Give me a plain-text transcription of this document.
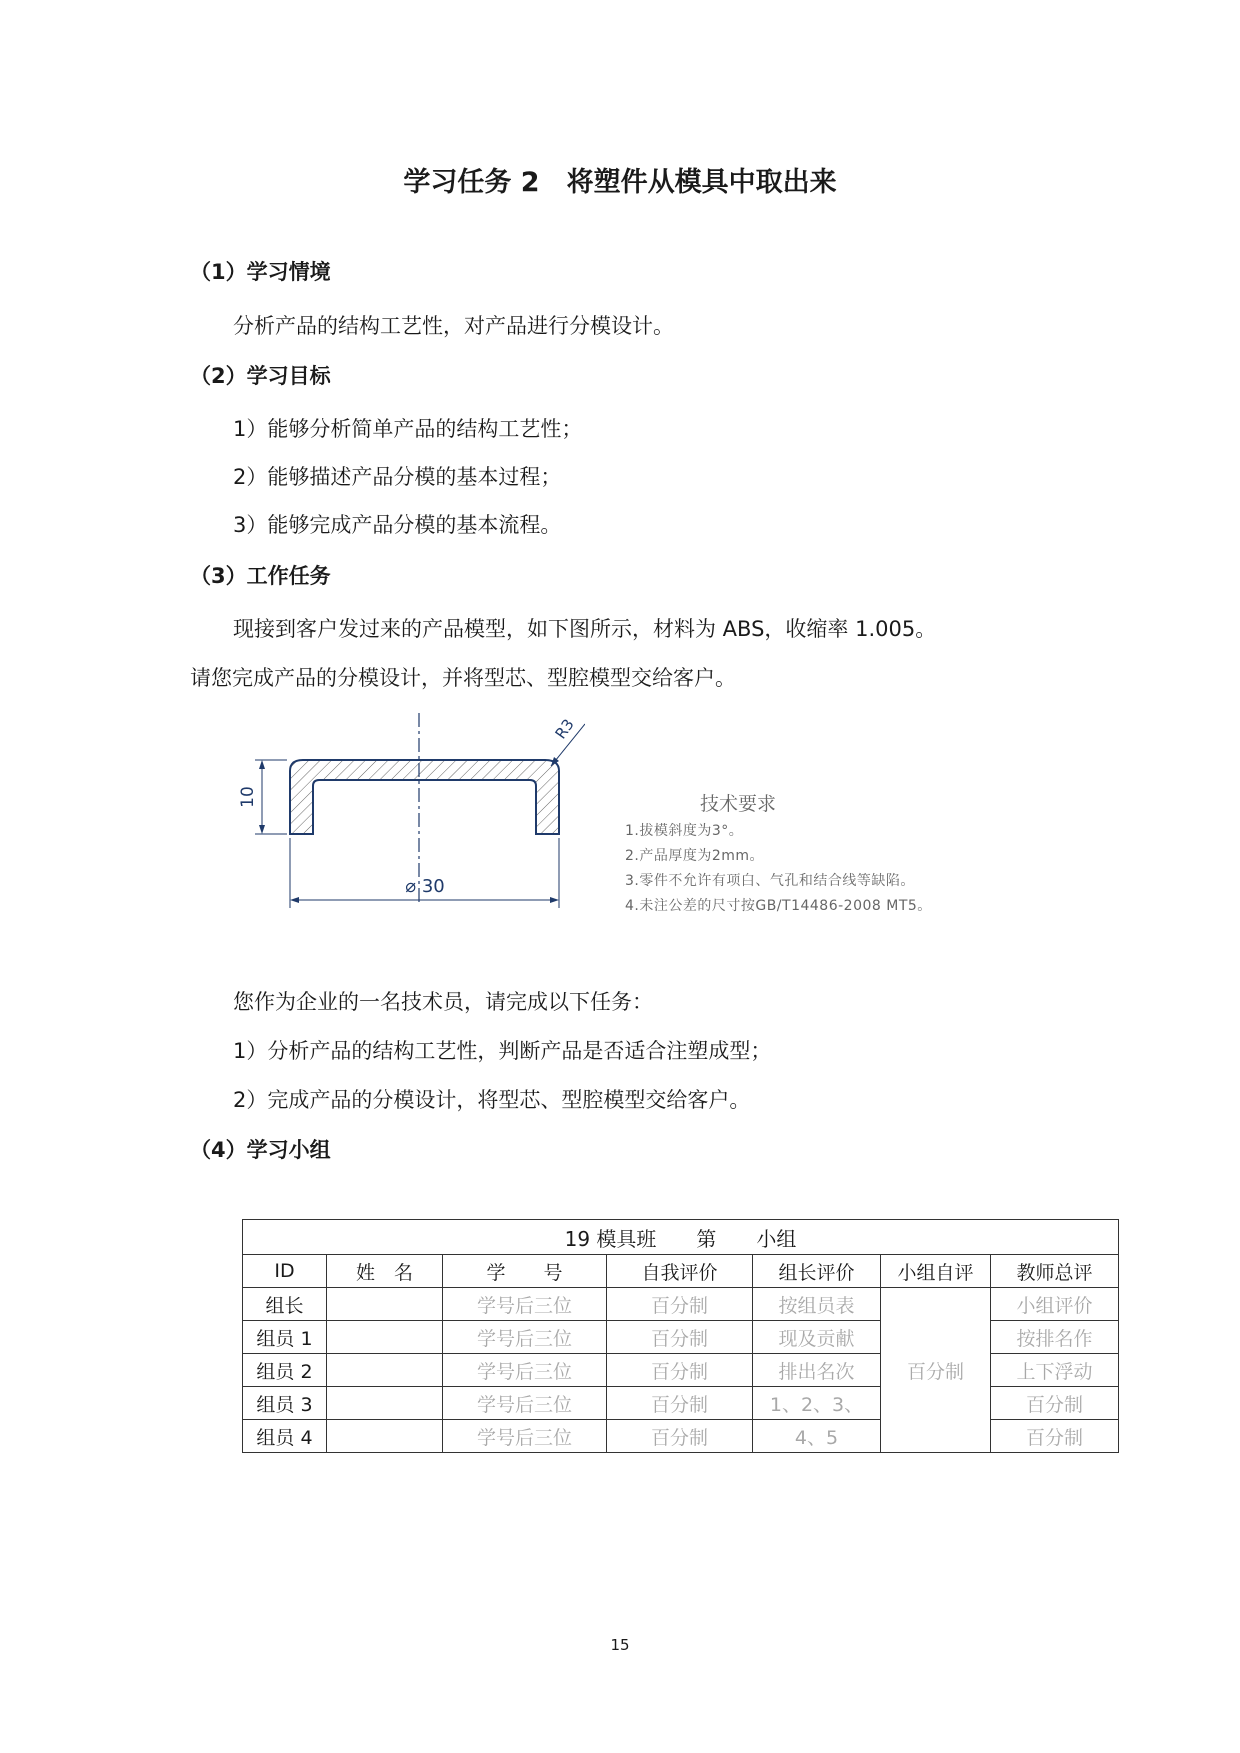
学习任务 2　将塑件从模具中取出来
（1）学习情境
分析产品的结构工艺性，对产品进行分模设计。
（2）学习目标
1）能够分析简单产品的结构工艺性；
2）能够描述产品分模的基本过程；
3）能够完成产品分模的基本流程。
（3）工作任务
现接到客户发过来的产品模型，如下图所示，材料为 ABS，收缩率 1.005。
请您完成产品的分模设计，并将型芯、型腔模型交给客户。
10
⌀ 30
R3
技术要求
1.拔模斜度为3°。
2.产品厚度为2mm。
3.零件不允许有项白、气孔和结合线等缺陷。
4.未注公差的尺寸按GB/T14486-2008 MT5。
您作为企业的一名技术员，请完成以下任务：
1）分析产品的结构工艺性，判断产品是否适合注塑成型；
2）完成产品的分模设计，将型芯、型腔模型交给客户。
（4）学习小组
19 模具班　　第　　小组						
ID	姓　名	学　　号	自我评价	组长评价	小组自评	教师总评
组长		学号后三位	百分制	按组员表	百分制	小组评价
组员 1		学号后三位	百分制	现及贡献		按排名作
组员 2		学号后三位	百分制	排出名次		上下浮动
组员 3		学号后三位	百分制	1、2、3、		百分制
组员 4		学号后三位	百分制	4、5		百分制
15
